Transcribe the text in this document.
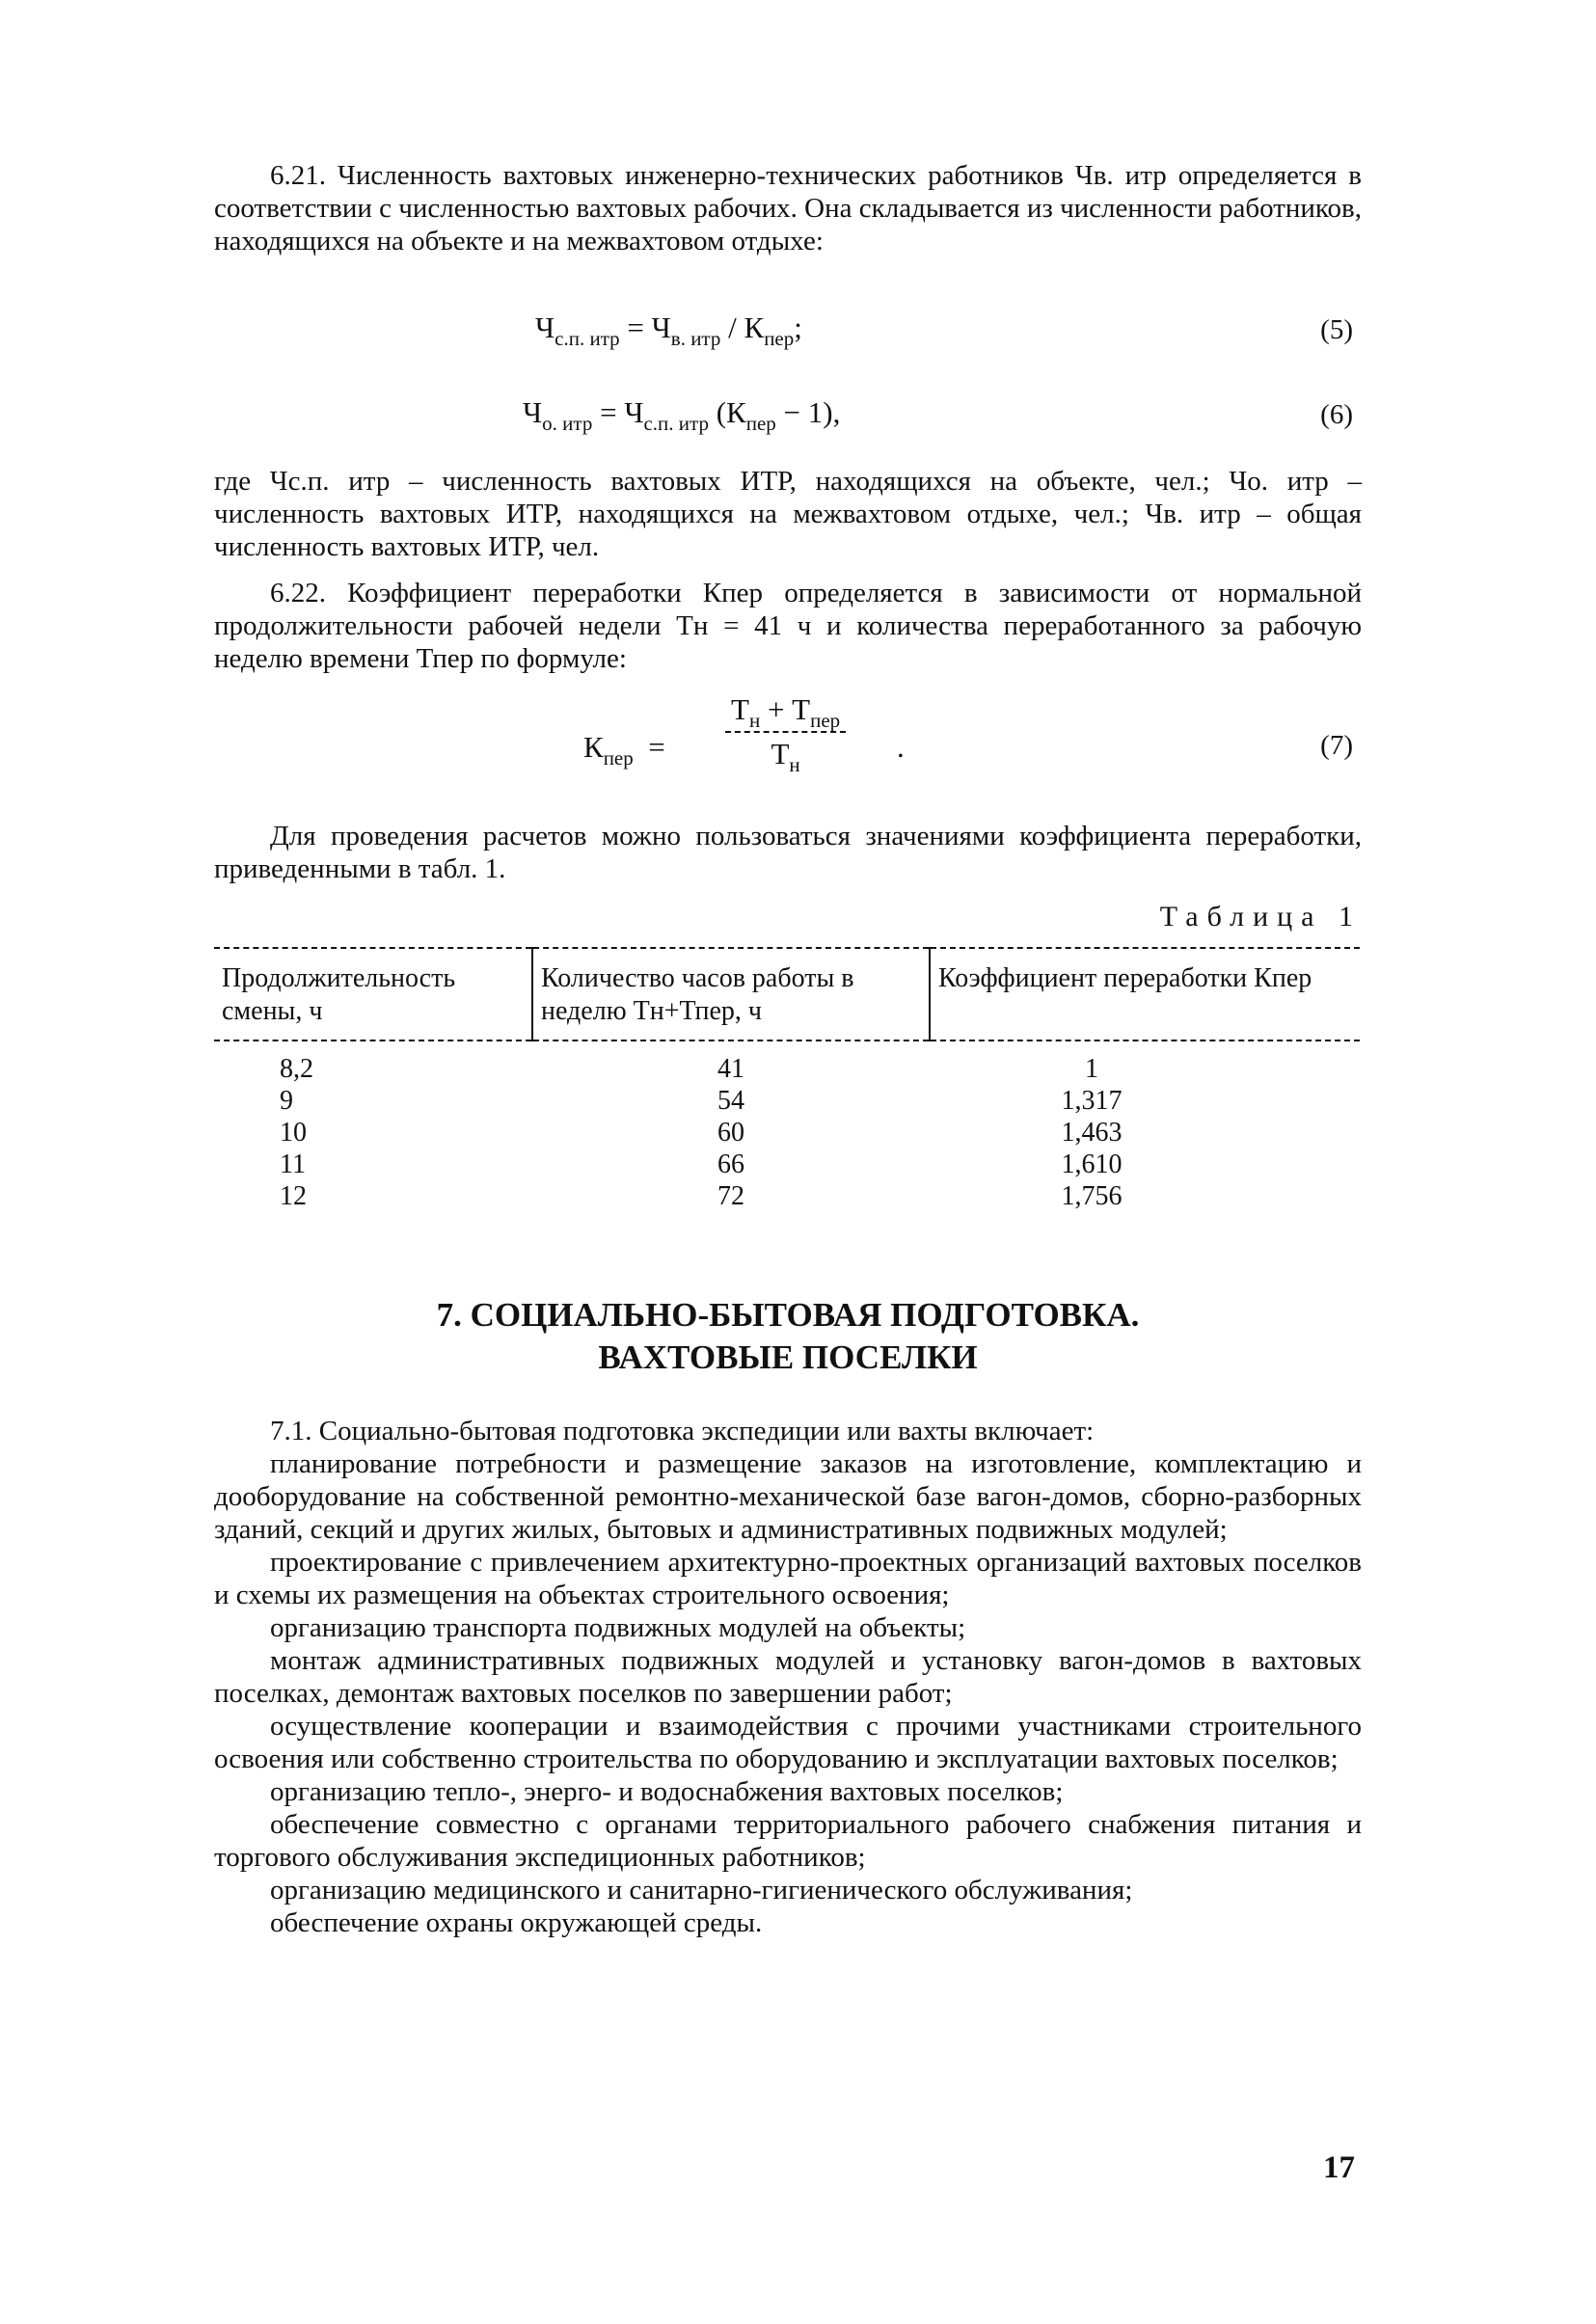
6.21. Численность вахтовых инженерно-технических работников Чв. итр определяется в соответствии с численностью вахтовых рабочих. Она складывается из численности работников, находящихся на объекте и на межвахтовом отдыхе:

$Ч_{с.п. итр} = Ч_{в. итр} / К_{пер}$;	(5)
$Ч_{о. итр} = Ч_{с.п. итр}$ $(К_{пер} - 1)$,	(6)

где Чс.п. итр – численность вахтовых ИТР, находящихся на объекте, чел.; Чо. итр – численность вахтовых ИТР, находящихся на межвахтовом отдыхе, чел.; Чв. итр – общая численность вахтовых ИТР, чел.

6.22. Коэффициент переработки Кпер определяется в зависимости от нормальной продолжительности рабочей недели Тн = 41 ч и количества переработанного за рабочую неделю времени Тпер по формуле:

$К_{пер}$ =
$Т_н + Т_{пер}$
$Т_н$
.	(7)

Для проведения расчетов можно пользоваться значениями коэффициента переработки, приведенными в табл. 1.

Таблица 1
Продолжительность смены, ч	Количество часов работы в неделю Тн+Тпер, ч	Коэффициент переработки Кпер

8,2	41	1
9	54	1,317
10	60	1,463
11	66	1,610
12	72	1,756
7. СОЦИАЛЬНО-БЫТОВАЯ ПОДГОТОВКА.
ВАХТОВЫЕ ПОСЕЛКИ

7.1. Социально-бытовая подготовка экспедиции или вахты включает:

планирование потребности и размещение заказов на изготовление, комплектацию и дооборудование на собственной ремонтно-механической базе вагон-домов, сборно-разборных зданий, секций и других жилых, бытовых и административных подвижных модулей;

проектирование с привлечением архитектурно-проектных организаций вахтовых поселков и схемы их размещения на объектах строительного освоения;

организацию транспорта подвижных модулей на объекты;

монтаж административных подвижных модулей и установку вагон-домов в вахтовых поселках, демонтаж вахтовых поселков по завершении работ;

осуществление кооперации и взаимодействия с прочими участниками строительного освоения или собственно строительства по оборудованию и эксплуатации вахтовых поселков;

организацию тепло-, энерго- и водоснабжения вахтовых поселков;

обеспечение совместно с органами территориального рабочего снабжения питания и торгового обслуживания экспедиционных работников;

организацию медицинского и санитарно-гигиенического обслуживания;

обеспечение охраны окружающей среды.

17
